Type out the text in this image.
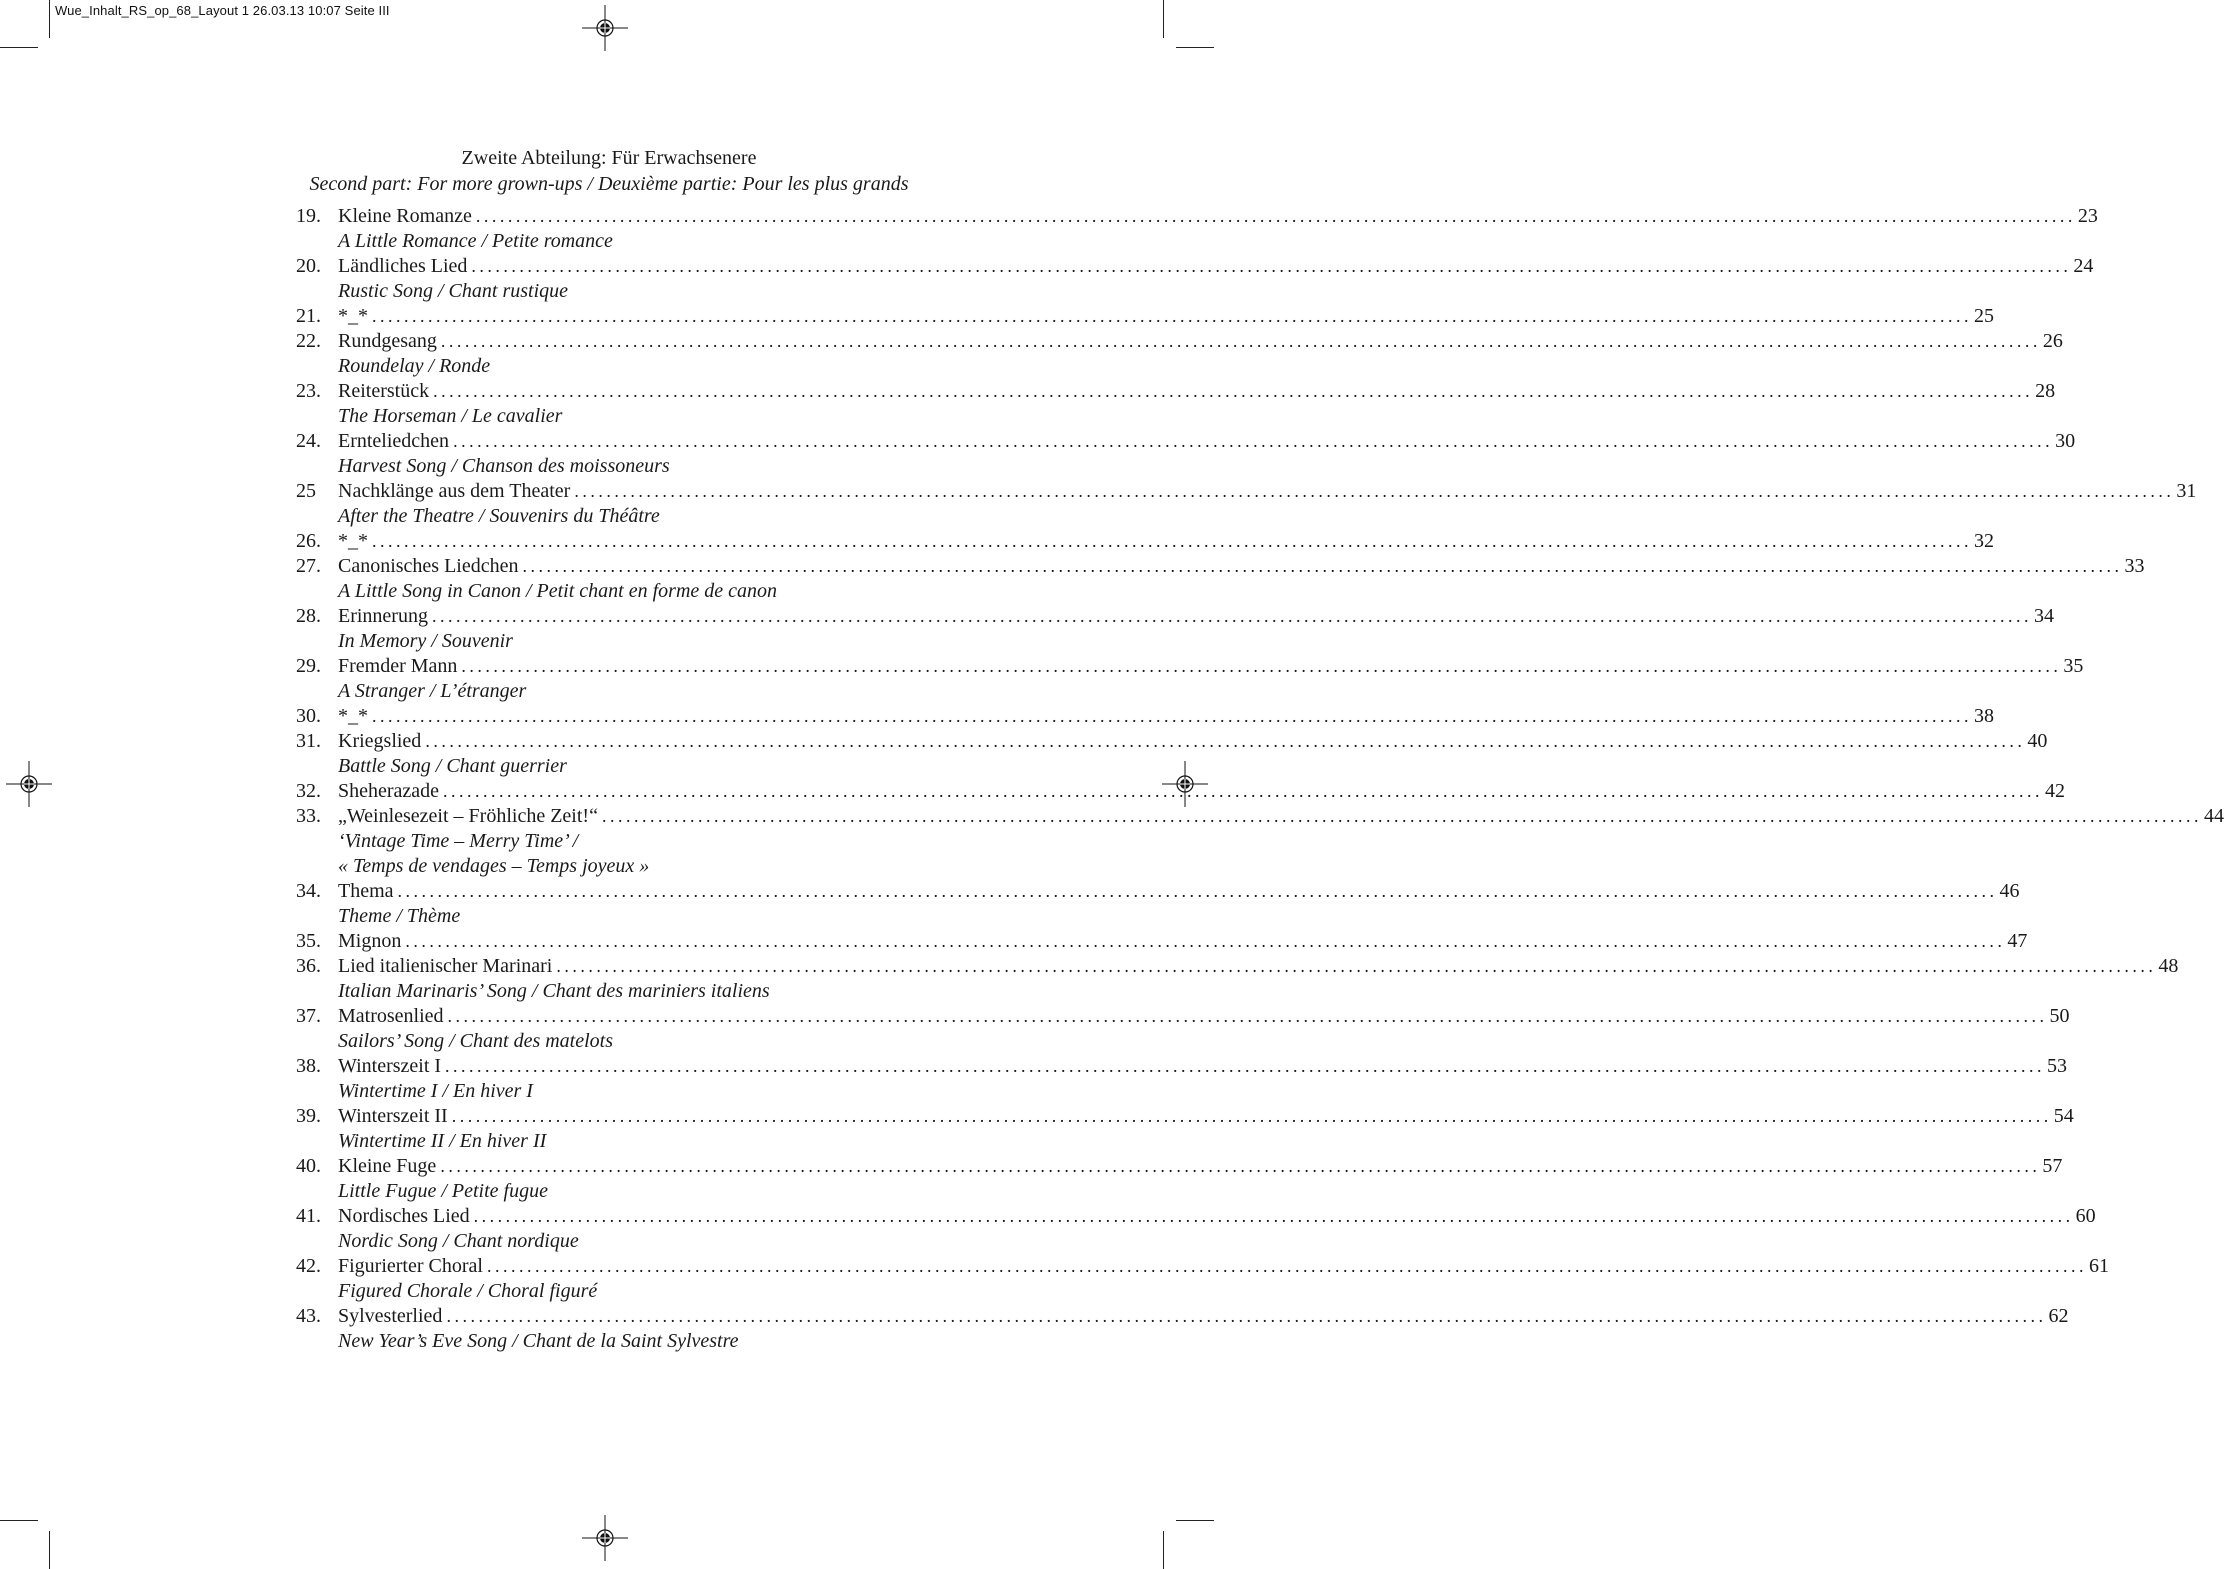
Wue_Inhalt_RS_op_68_Layout 1 26.03.13 10:07 Seite III
Zweite Abteilung: Für Erwachsenere
Second part: For more grown-ups / Deuxième partie: Pour les plus grands
19. Kleine Romanze ........................................................................................................................................................................................................ 23
A Little Romance / Petite romance
20. Ländliches Lied ........................................................................................................................................................................................................ 24
Rustic Song / Chant rustique
21. *_* ........................................................................................................................................................................................................ 25
22. Rundgesang ........................................................................................................................................................................................................ 26
Roundelay / Ronde
23. Reiterstück ........................................................................................................................................................................................................ 28
The Horseman / Le cavalier
24. Ernteliedchen ........................................................................................................................................................................................................ 30
Harvest Song / Chanson des moissoneurs
25	Nachklänge aus dem Theater ........................................................................................................................................................................................................ 31
After the Theatre / Souvenirs du Théâtre
26. *_* ........................................................................................................................................................................................................ 32
27. Canonisches Liedchen ........................................................................................................................................................................................................ 33
A Little Song in Canon / Petit chant en forme de canon
28. Erinnerung ........................................................................................................................................................................................................ 34
In Memory / Souvenir
29. Fremder Mann ........................................................................................................................................................................................................ 35
A Stranger / L’étranger
30. *_* ........................................................................................................................................................................................................ 38
31. Kriegslied ........................................................................................................................................................................................................ 40
Battle Song / Chant guerrier
32. Sheherazade ........................................................................................................................................................................................................ 42
33. „Weinlesezeit – Fröhliche Zeit!“ ........................................................................................................................................................................................................ 44
‘Vintage Time – Merry Time’ /
« Temps de vendages – Temps joyeux »
34. Thema ........................................................................................................................................................................................................ 46
Theme / Thème
35. Mignon ........................................................................................................................................................................................................ 47
36. Lied italienischer Marinari ........................................................................................................................................................................................................ 48
Italian Marinaris’ Song / Chant des mariniers italiens
37. Matrosenlied ........................................................................................................................................................................................................ 50
Sailors’ Song / Chant des matelots
38. Winterszeit I ........................................................................................................................................................................................................ 53
Wintertime I / En hiver I
39. Winterszeit II ........................................................................................................................................................................................................ 54
Wintertime II / En hiver II
40. Kleine Fuge ........................................................................................................................................................................................................ 57
Little Fugue / Petite fugue
41. Nordisches Lied ........................................................................................................................................................................................................ 60
Nordic Song / Chant nordique
42. Figurierter Choral ........................................................................................................................................................................................................ 61
Figured Chorale / Choral figuré
43. Sylvesterlied ........................................................................................................................................................................................................ 62
New Year’s Eve Song / Chant de la Saint Sylvestre
